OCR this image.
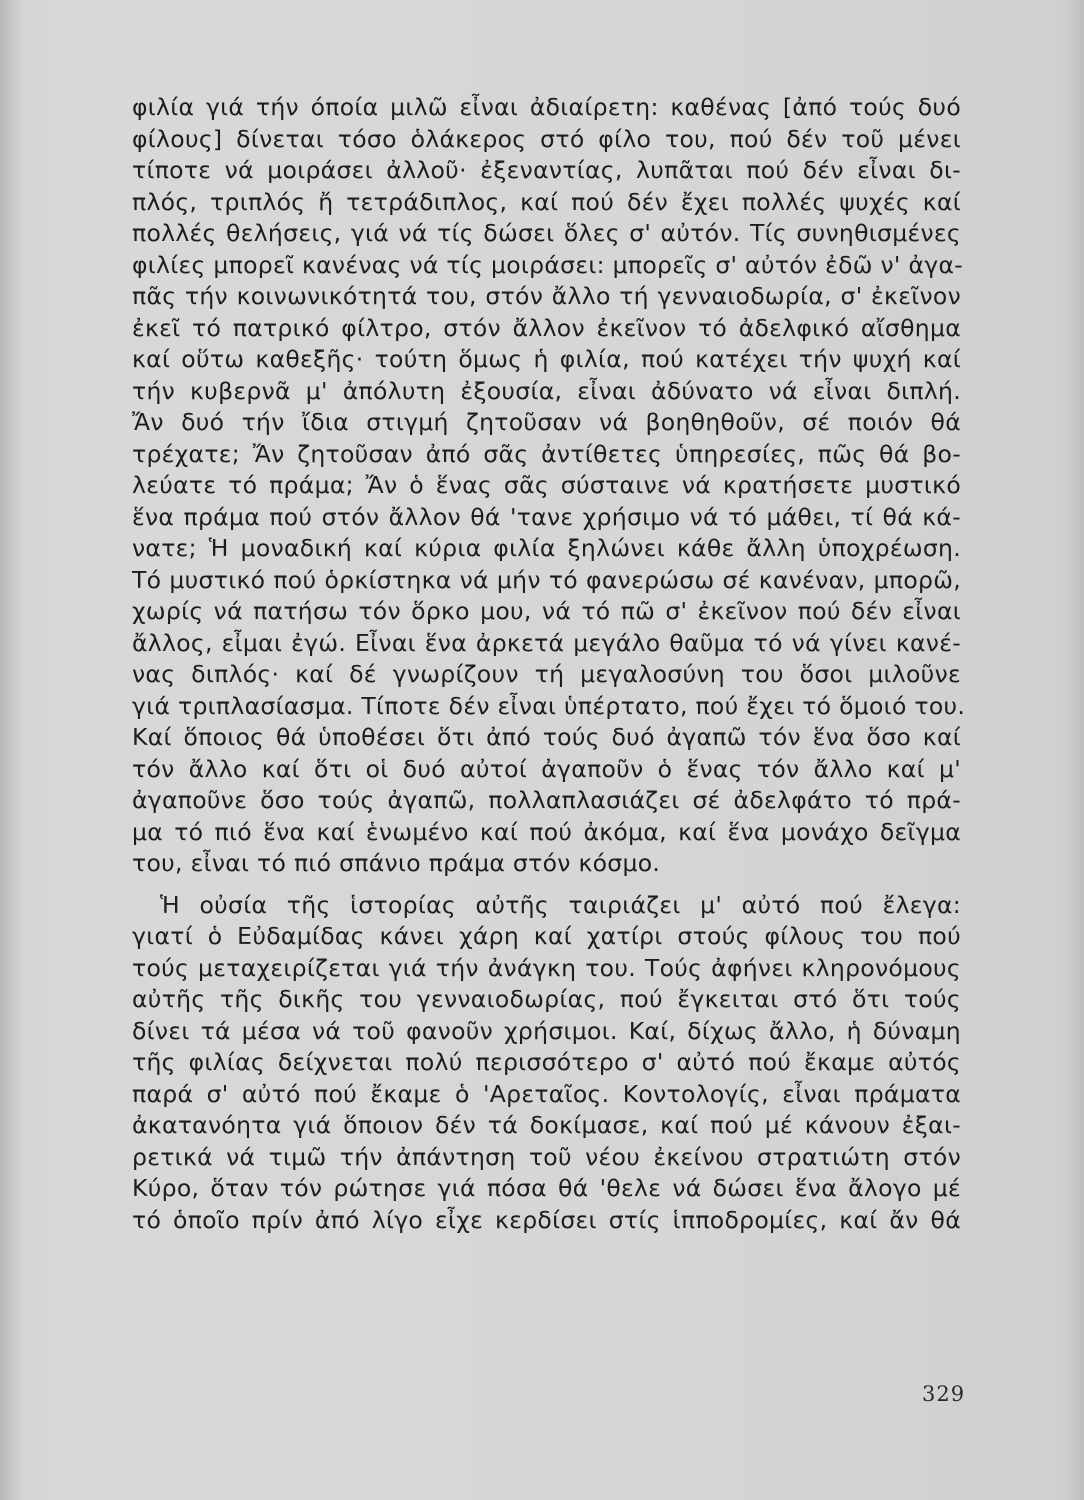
φιλία γιά τήν όποία μιλῶ εἶναι ἀδιαίρετη: καθένας [ἀπό τούς δυό
φίλους] δίνεται τόσο ὁλάκερος στό φίλο του, πού δέν τοῦ μένει
τίποτε νά μοιράσει ἀλλοῦ· ἐξεναντίας, λυπᾶται πού δέν εἶναι δι-
πλός, τριπλός ἤ τετράδιπλος, καί πού δέν ἔχει πολλές ψυχές καί
πολλές θελήσεις, γιά νά τίς δώσει ὅλες σ' αὐτόν. Τίς συνηθισμένες
φιλίες μπορεῖ κανένας νά τίς μοιράσει: μπορεῖς σ' αὐτόν ἐδῶ ν' ἀγα-
πᾶς τήν κοινωνικότητά του, στόν ἄλλο τή γενναιοδωρία, σ' ἐκεῖνον
ἐκεῖ τό πατρικό φίλτρο, στόν ἄλλον ἐκεῖνον τό ἀδελφικό αἴσθημα
καί οὕτω καθεξῆς· τούτη ὅμως ἡ φιλία, πού κατέχει τήν ψυχή καί
τήν κυβερνᾶ μ' ἀπόλυτη ἐξουσία, εἶναι ἀδύνατο νά εἶναι διπλή.
Ἄν δυό τήν ἴδια στιγμή ζητοῦσαν νά βοηθηθοῦν, σέ ποιόν θά
τρέχατε; Ἄν ζητοῦσαν ἀπό σᾶς ἀντίθετες ὑπηρεσίες, πῶς θά βο-
λεύατε τό πράμα; Ἄν ὁ ἕνας σᾶς σύσταινε νά κρατήσετε μυστικό
ἕνα πράμα πού στόν ἄλλον θά 'τανε χρήσιμο νά τό μάθει, τί θά κά-
νατε; Ἡ μοναδική καί κύρια φιλία ξηλώνει κάθε ἄλλη ὑποχρέωση.
Τό μυστικό πού ὁρκίστηκα νά μήν τό φανερώσω σέ κανέναν, μπορῶ,
χωρίς νά πατήσω τόν ὅρκο μου, νά τό πῶ σ' ἐκεῖνον πού δέν εἶναι
ἄλλος, εἶμαι ἐγώ. Εἶναι ἕνα ἀρκετά μεγάλο θαῦμα τό νά γίνει κανέ-
νας διπλός· καί δέ γνωρίζουν τή μεγαλοσύνη του ὅσοι μιλοῦνε
γιά τριπλασίασμα. Τίποτε δέν εἶναι ὑπέρτατο, πού ἔχει τό ὅμοιό του.
Καί ὅποιος θά ὑποθέσει ὅτι ἀπό τούς δυό ἀγαπῶ τόν ἕνα ὅσο καί
τόν ἄλλο καί ὅτι οἱ δυό αὐτοί ἀγαποῦν ὁ ἕνας τόν ἄλλο καί μ'
ἀγαποῦνε ὅσο τούς ἀγαπῶ, πολλαπλασιάζει σέ ἀδελφάτο τό πρά-
μα τό πιό ἕνα καί ἑνωμένο καί πού ἀκόμα, καί ἕνα μονάχο δεῖγμα
του, εἶναι τό πιό σπάνιο πράμα στόν κόσμο.
Ἡ οὐσία τῆς ἱστορίας αὐτῆς ταιριάζει μ' αὐτό πού ἔλεγα:
γιατί ὁ Εὐδαμίδας κάνει χάρη καί χατίρι στούς φίλους του πού
τούς μεταχειρίζεται γιά τήν ἀνάγκη του. Τούς ἀφήνει κληρονόμους
αὐτῆς τῆς δικῆς του γενναιοδωρίας, πού ἔγκειται στό ὅτι τούς
δίνει τά μέσα νά τοῦ φανοῦν χρήσιμοι. Καί, δίχως ἄλλο, ἡ δύναμη
τῆς φιλίας δείχνεται πολύ περισσότερο σ' αὐτό πού ἔκαμε αὐτός
παρά σ' αὐτό πού ἔκαμε ὁ 'Αρεταῖος. Κοντολογίς, εἶναι πράματα
ἀκατανόητα γιά ὅποιον δέν τά δοκίμασε, καί πού μέ κάνουν ἐξαι-
ρετικά νά τιμῶ τήν ἀπάντηση τοῦ νέου ἐκείνου στρατιώτη στόν
Κύρο, ὅταν τόν ρώτησε γιά πόσα θά 'θελε νά δώσει ἕνα ἄλογο μέ
τό ὁποῖο πρίν ἀπό λίγο εἶχε κερδίσει στίς ἱπποδρομίες, καί ἄν θά
329
